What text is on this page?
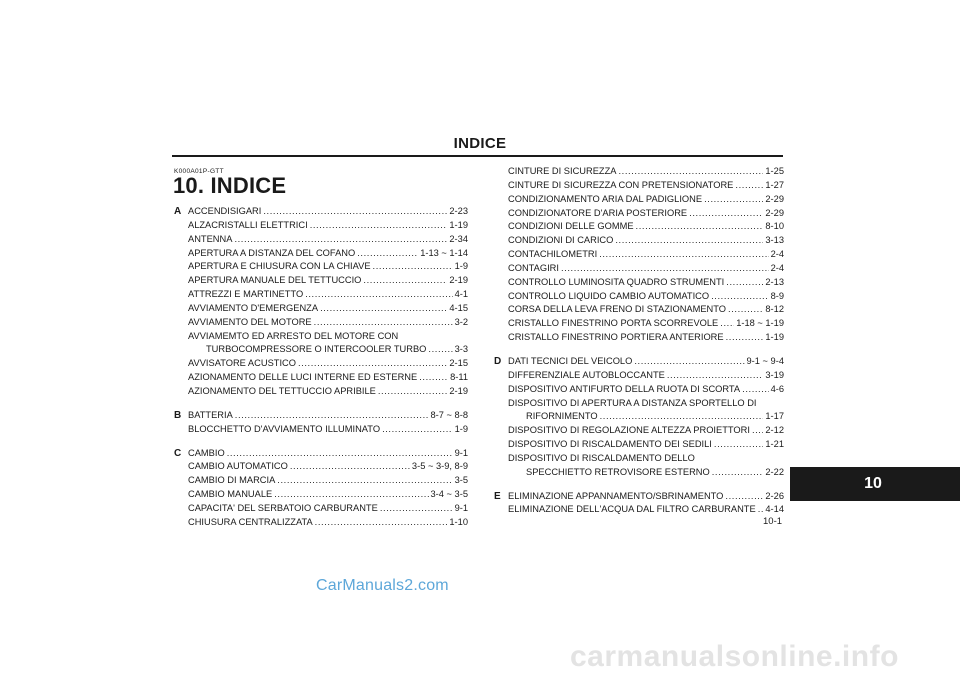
INDICE
K000A01P-GTT
10. INDICE
A ACCENDISIGARI .....	2-23
ALZACRISTALLI ELETTRICI .....	1-19
ANTENNA .....	2-34
APERTURA A DISTANZA DEL COFANO .....	1-13 ~ 1-14
APERTURA E CHIUSURA CON LA CHIAVE .....	1-9
APERTURA MANUALE DEL TETTUCCIO .....	2-19
ATTREZZI E MARTINETTO .....	4-1
AVVIAMENTO D'EMERGENZA .....	4-15
AVVIAMENTO DEL MOTORE .....	3-2
AVVIAMEMTO ED ARRESTO DEL MOTORE CON
TURBOCOMPRESSORE O INTERCOOLER TURBO .....	3-3
AVVISATORE ACUSTICO .....	2-15
AZIONAMENTO DELLE LUCI INTERNE ED ESTERNE .....	8-11
AZIONAMENTO DEL TETTUCCIO APRIBILE .....	2-19
B BATTERIA .....	8-7 ~ 8-8
BLOCCHETTO D'AVVIAMENTO ILLUMINATO .....	1-9
C CAMBIO .....	9-1
CAMBIO AUTOMATICO .....	3-5 ~ 3-9, 8-9
CAMBIO DI MARCIA .....	3-5
CAMBIO MANUALE .....	3-4 ~ 3-5
CAPACITA' DEL SERBATOIO CARBURANTE .....	9-1
CHIUSURA CENTRALIZZATA .....	1-10
CINTURE DI SICUREZZA .....	1-25
CINTURE DI SICUREZZA CON PRETENSIONATORE .....	1-27
CONDIZIONAMENTO ARIA DAL PADIGLIONE .....	2-29
CONDIZIONATORE D'ARIA POSTERIORE .....	2-29
CONDIZIONI DELLE GOMME .....	8-10
CONDIZIONI DI CARICO .....	3-13
CONTACHILOMETRI .....	2-4
CONTAGIRI .....	2-4
CONTROLLO LUMINOSITA QUADRO STRUMENTI .....	2-13
CONTROLLO LIQUIDO CAMBIO AUTOMATICO .....	8-9
CORSA DELLA LEVA FRENO DI STAZIONAMENTO .....	8-12
CRISTALLO FINESTRINO PORTA SCORREVOLE ..... 1-18 ~ 1-19
CRISTALLO FINESTRINO PORTIERA ANTERIORE .....	1-19
D DATI TECNICI DEL VEICOLO .....	9-1 ~ 9-4
DIFFERENZIALE AUTOBLOCCANTE .....	3-19
DISPOSITIVO ANTIFURTO DELLA RUOTA DI SCORTA .....	4-6
DISPOSITIVO DI APERTURA A DISTANZA SPORTELLO DI
RIFORNIMENTO .....	1-17
DISPOSITIVO DI REGOLAZIONE ALTEZZA PROIETTORI ..... 2-12
DISPOSITIVO DI RISCALDAMENTO DEI SEDILI .....	1-21
DISPOSITIVO DI RISCALDAMENTO DELLO
SPECCHIETTO RETROVISORE ESTERNO .....	2-22
E ELIMINAZIONE APPANNAMENTO/SBRINAMENTO .....	2-26
ELIMINAZIONE DELL'ACQUA DAL FILTRO CARBURANTE ..... 4-14
10
10-1
CarManuals2.com
carmanualsonline.info
